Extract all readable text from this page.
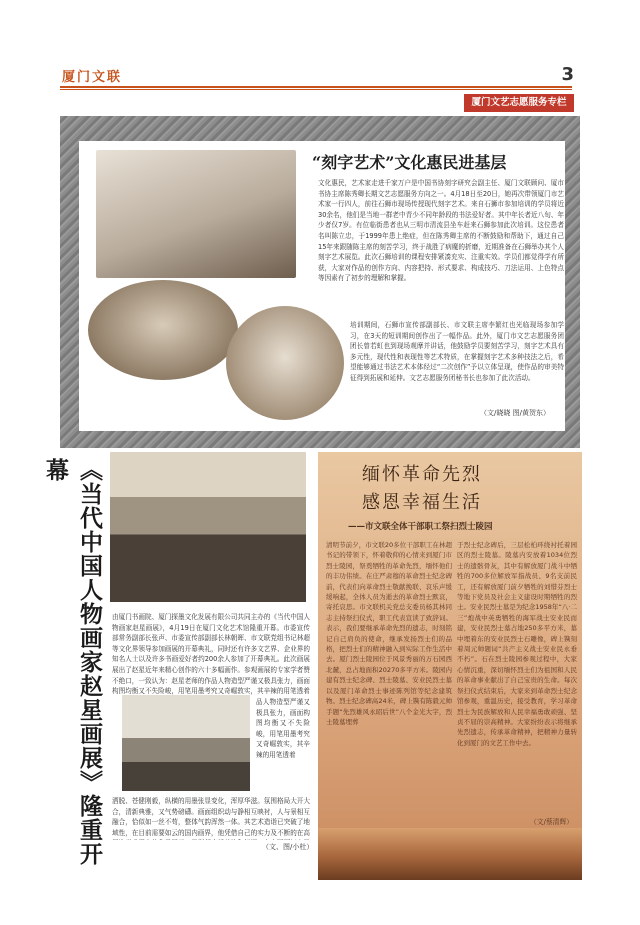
厦门文联	3
厦门文艺志愿服务专栏
“刻字艺术”文化惠民进基层
文化惠民，艺术家走进千家万户是中国书协刻字研究会副主任、厦门文联顾问、厦市书协主席陈秀卿长期文艺志愿服务方向之一。4月18日至20日，她再次带领厦门市艺术家一行四人，前往石狮市现场传授现代刻字艺术。来自石狮市参加培训的学员将近30余名，他们是当地一群老中青少不同年龄段的书法爱好者。其中年长者近八旬、年少者仅7岁。有位临街患者也从三明市清流县坐车赶来石狮参加此次培训。这位患者名叫陈立忠，于1999年患上绝症，但在陈秀卿主席的不断鼓励和帮助下，通过自己15年来跟随陈主席的刻苦学习，终于战胜了病魔的折磨，近期准备在石狮举办其个人刻字艺术展览。此次石狮培训的课程安排紧凑充实、注重实效。学员们都觉得学有所获，大家对作品的创作方向、内容把持、形式要求、构成技巧、刀法运用、上色特点等因素有了初步的理解和掌握。
培训期间，石狮市宣传部副部长、市文联主席李繁红也光临现场参加学习，在3天的短训期间创作出了一幅作品。此外，厦门市文艺志愿服务团团长曾若虹也到现场观摩并讲话，他鼓励学员要刻苦学习，刻字艺术具有多元性，现代性和表现性等艺术特质，在掌握刻字艺术多种技法之后，希望能够通过书法艺术本体经过“二次创作”予以立体呈现，使作品的审美特征得到拓展和延伸。文艺志愿服务团秘书长也参加了此次活动。
（文/晓晓 图/黄贺东）
《当代中国人物画家赵星画展》隆重开幕
由厦门书画院、厦门探墨文化发展有限公司共同主办的《当代中国人物画家赵星画展》，4月19日在厦门文化艺术馆隆重开幕。市委宣传部常务副部长张声、市委宣传部副部长林朝晖、市文联党组书记林超等文化界领导参加画展的开幕典礼，同时还有许多文艺界、企业界的知名人士以及许多书画爱好者约200余人参加了开幕典礼。此次画展展出了赵星近年来精心创作的六十多幅画作。参观画展的专家学者赞不绝口，一致认为：赵星老师的作品人物造型严谨又极具张力，画面构图均衡又不失险峻，用笔用墨考究又奇崛敦实，其辛辣的用笔透着
品人物造型严谨又极具张力，画面构图均衡又不失险峻，用笔用墨考究又奇崛敦实，其辛辣的用笔透着
洒脱、苍健刚毅，纵横的用墨张显变化，浑厚华滋。氛围格局大开大合，清新典雅，又气势磅礴。画面组织动与静相互映衬，人与景相互融合，恰似如一丝不苟，整体气韵浑然一体。其艺术造诣已突破了地域性，在目前需要如云的国内画界，他凭借自己的实力及不断的在高
（文、图/小杜）
缅怀革命先烈
感恩幸福生活
——市文联全体干部职工祭扫烈士陵园
清明节前夕，市文联20多位干部职工在林超书记的带领下，怀着敬仰的心情来到厦门市烈士陵园，祭奠牺牲的革命先烈，缅怀他们的丰功伟绩。在庄严肃穆的革命烈士纪念碑前，代表们向革命烈士敬献挽联、哀乐声缓缓响起，全体人员为逝去的革命烈士默哀，寄托哀思。市文联机关党总支委员杨其林同志主持祭扫仪式，职工代表宣读了致辞词。表示，我们要继承革命先烈的遗志，时刻铭记自己肩负的使命，继承发扬烈士们的品格，把烈士们的精神融入到实际工作生活中去。厦门烈士陵园位于风景秀丽的万石园西北麓，总占地面积20270多平方米。陵园内建有烈士纪念碑、烈士陵墓、安业民烈士墓以及厦门革命烈士事迹陈列馆等纪念建筑物。烈士纪念碑高24米，碑上镌有陈毅元帅手题“先烈雄风永昭后世”八个金光大字，烈士陵墓埋葬
于烈士纪念碑后，三层松柏环绕衬托着园区的烈士陵墓。陵墓内安放着1034位烈士的遗骸骨灰，其中有解放厦门战斗中牺牲的700多位解放军指战员、9名支前民工，还有解放厦门前夕牺牲的刘惜芬烈士等地下党员及社会主义建设时期牺牲的烈士。安业民烈士墓是为纪念1958年“八·二三”炮战中英勇牺牲的海军战士安业民而建，安业民烈士墓占地250多平方米，墓中埋着东的安业民烈士石雕像，碑上镌刻着周元帅题词“共产主义战士安业民永垂不朽”。石在烈士陵园参观过程中，大家心情沉重，深切缅怀烈士们为祖国和人民的革命事业献出了自己宝贵的生命。每次祭扫仪式结束后，大家来到革命烈士纪念馆参观，重温历史，接受教育，学习革命烈士为民族解放和人民幸福勇敢顽强、坚贞不屈的崇高精神。大家纷纷表示将继承先烈遗志，传承革命精神，把精神力量转化到厦门的文艺工作中去。
（文/蔡清辉）
